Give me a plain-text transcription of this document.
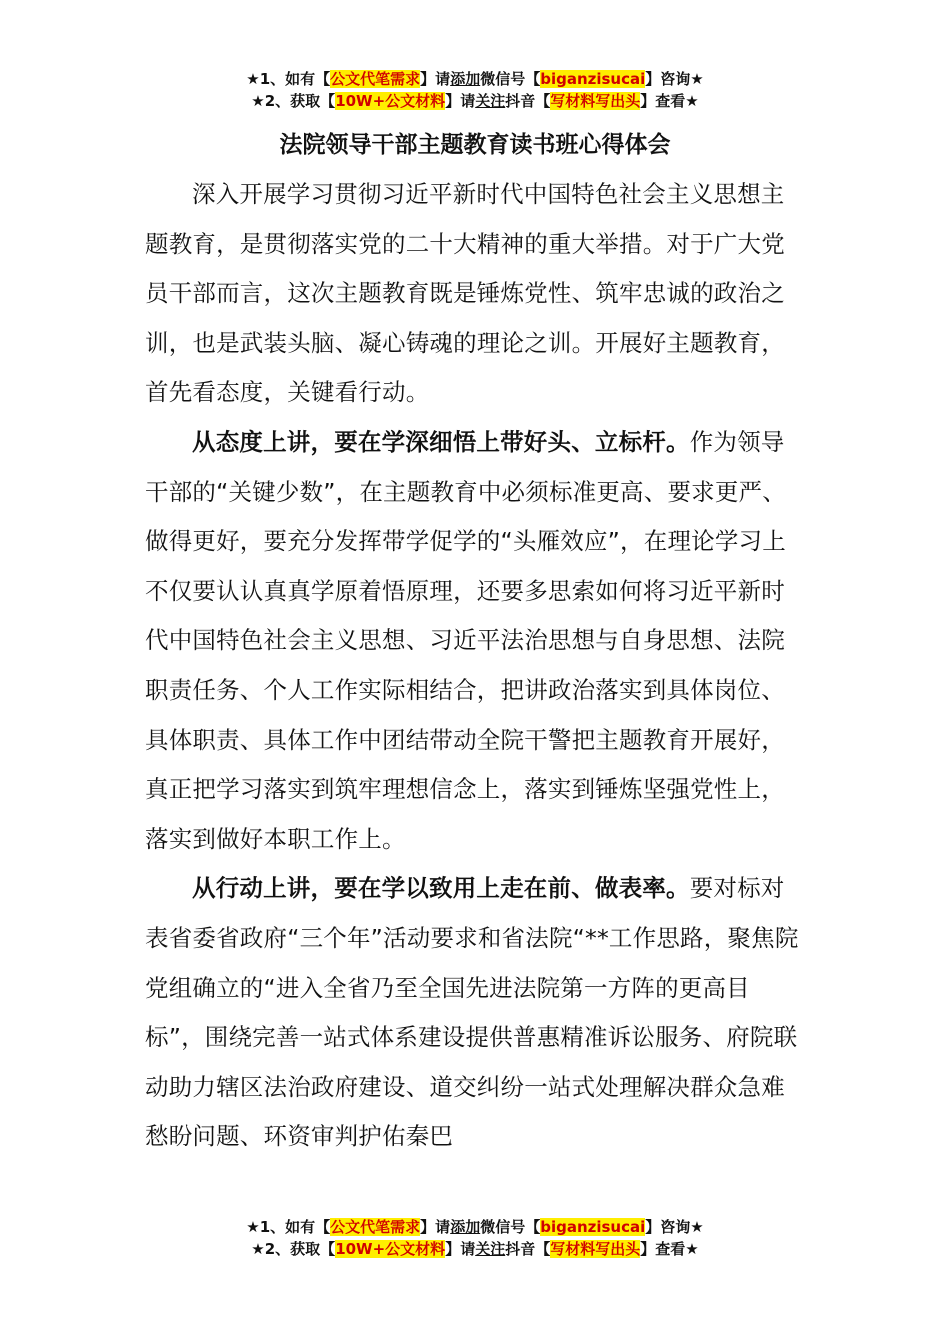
★1、如有【公文代笔需求】请添加微信号【biganzisucai】咨询★
★2、获取【10W+公文材料】请关注抖音【写材料写出头】查看★
法院领导干部主题教育读书班心得体会

深入开展学习贯彻习近平新时代中国特色社会主义思想主题教育，是贯彻落实党的二十大精神的重大举措。对于广大党员干部而言，这次主题教育既是锤炼党性、筑牢忠诚的政治之训，也是武装头脑、凝心铸魂的理论之训。开展好主题教育，首先看态度，关键看行动。

从态度上讲，要在学深细悟上带好头、立标杆。作为领导干部的“关键少数”，在主题教育中必须标准更高、要求更严、做得更好，要充分发挥带学促学的“头雁效应”，在理论学习上不仅要认认真真学原着悟原理，还要多思索如何将习近平新时代中国特色社会主义思想、习近平法治思想与自身思想、法院职责任务、个人工作实际相结合，把讲政治落实到具体岗位、具体职责、具体工作中团结带动全院干警把主题教育开展好，真正把学习落实到筑牢理想信念上，落实到锤炼坚强党性上，落实到做好本职工作上。

从行动上讲，要在学以致用上走在前、做表率。要对标对表省委省政府“三个年”活动要求和省法院“**工作思路，聚焦院党组确立的“进入全省乃至全国先进法院第一方阵的更高目标”，围绕完善一站式体系建设提供普惠精准诉讼服务、府院联动助力辖区法治政府建设、道交纠纷一站式处理解决群众急难愁盼问题、环资审判护佑秦巴

★1、如有【公文代笔需求】请添加微信号【biganzisucai】咨询★
★2、获取【10W+公文材料】请关注抖音【写材料写出头】查看★
